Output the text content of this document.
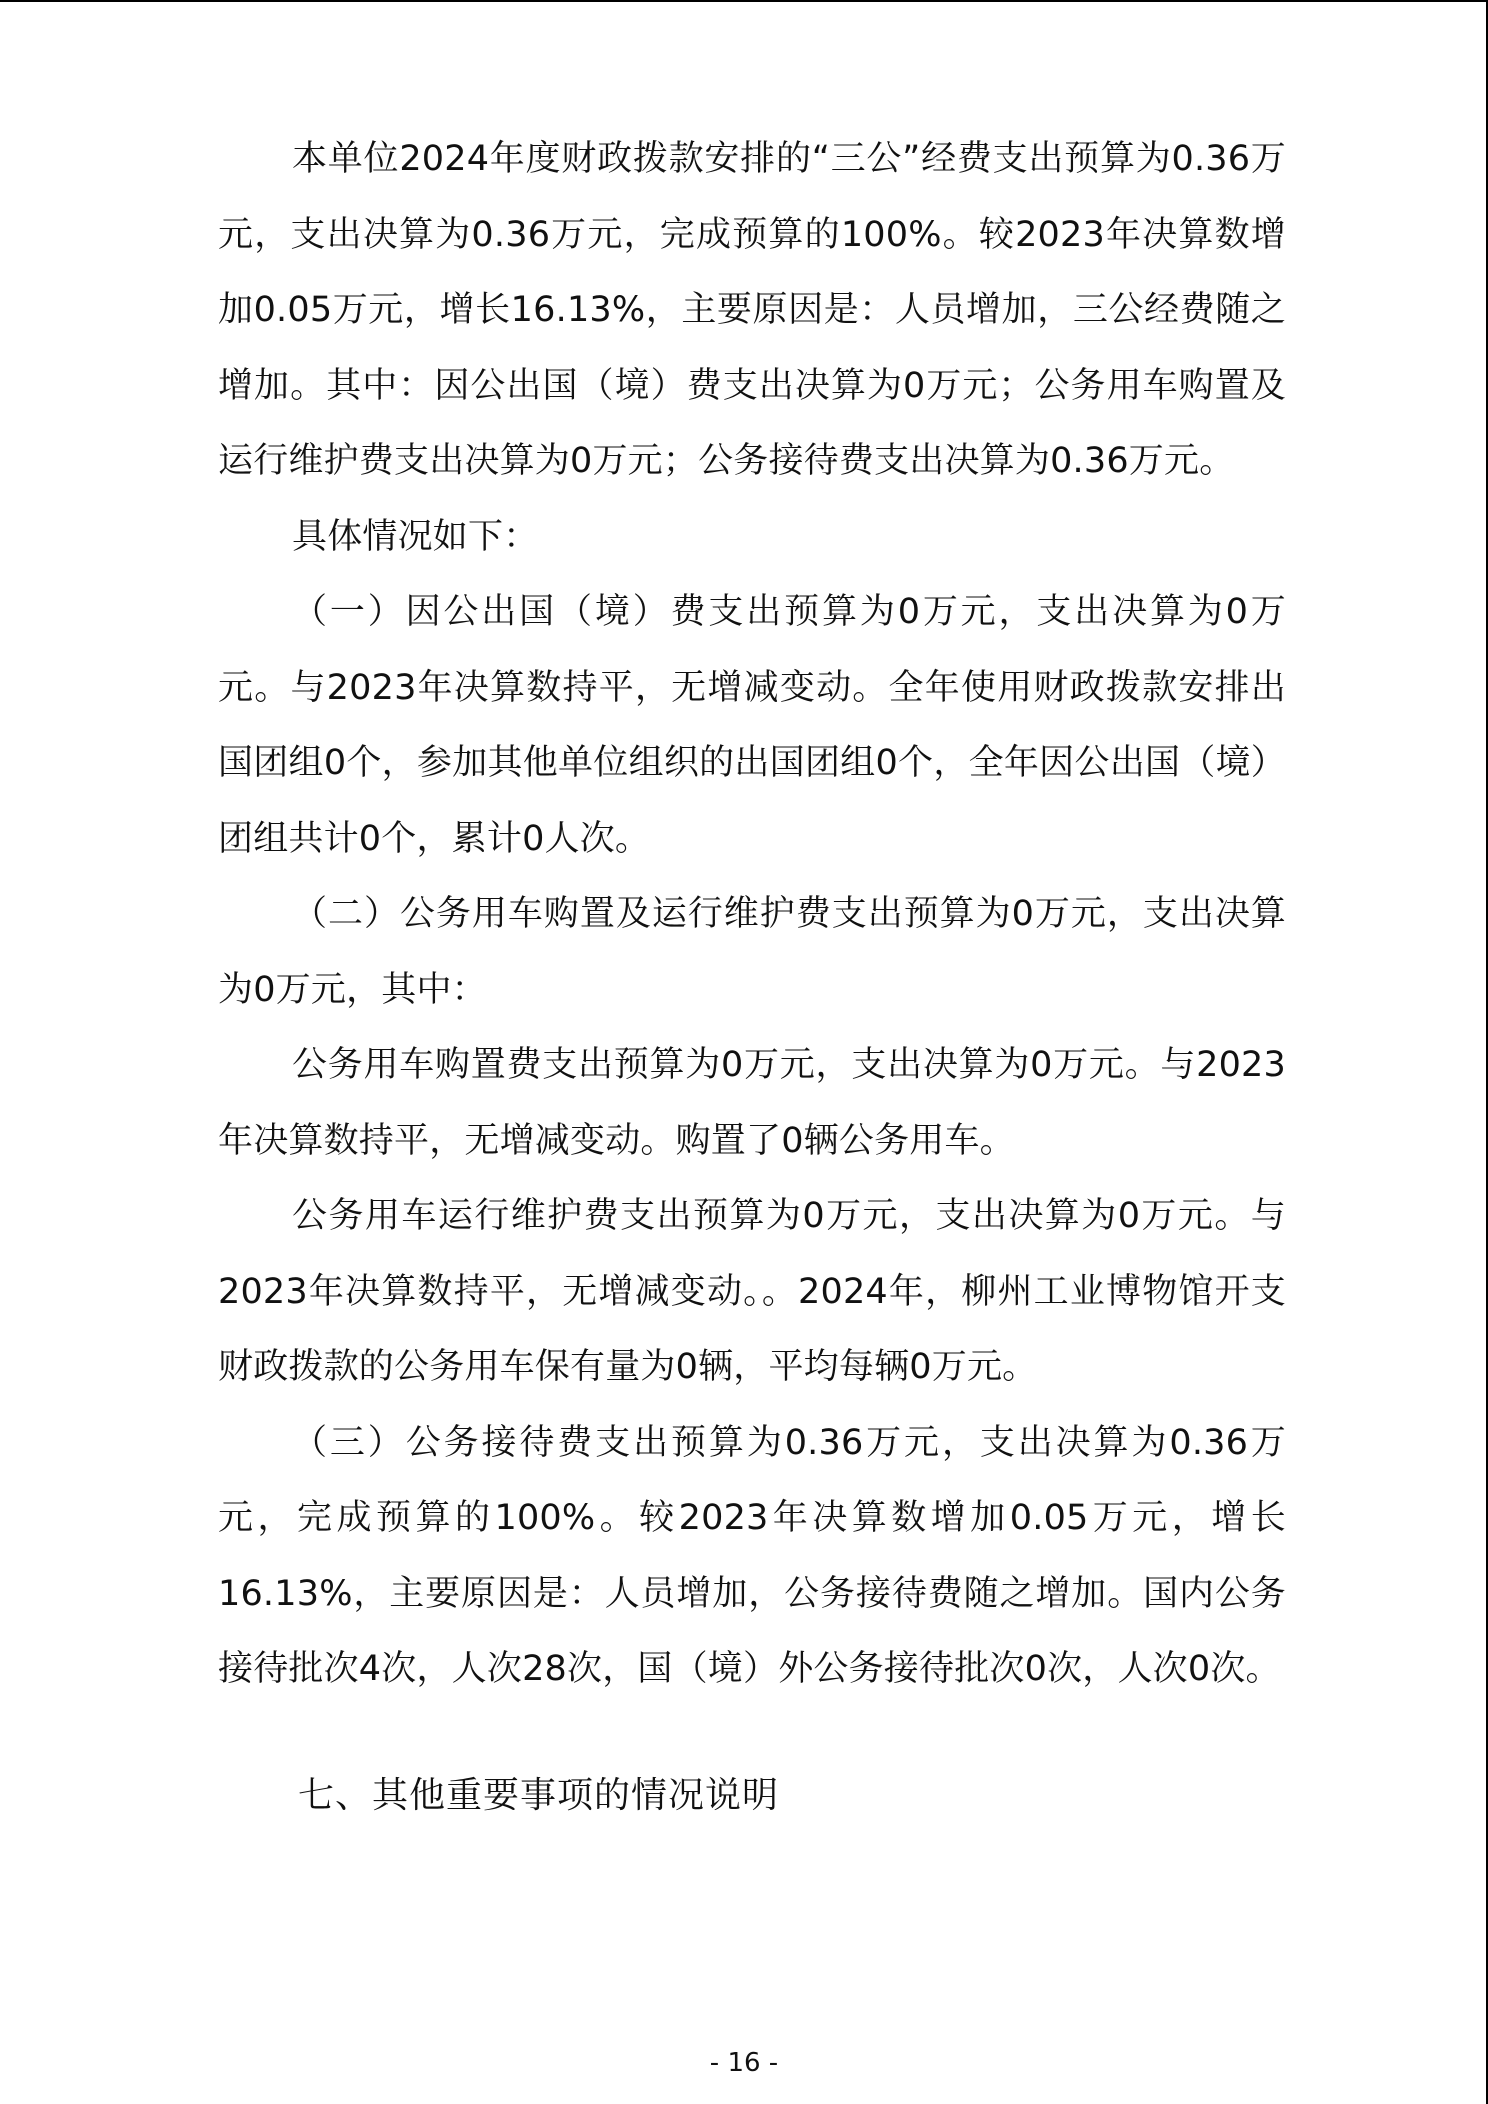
本单位2024年度财政拨款安排的“三公”经费支出预算为0.36万元，支出决算为0.36万元，完成预算的100%。较2023年决算数增加0.05万元，增长16.13%，主要原因是：人员增加，三公经费随之增加。其中：因公出国（境）费支出决算为0万元；公务用车购置及运行维护费支出决算为0万元；公务接待费支出决算为0.36万元。

具体情况如下：

（一）因公出国（境）费支出预算为0万元，支出决算为0万元。与2023年决算数持平，无增减变动。全年使用财政拨款安排出国团组0个，参加其他单位组织的出国团组0个，全年因公出国（境）团组共计0个，累计0人次。

（二）公务用车购置及运行维护费支出预算为0万元，支出决算为0万元，其中：

公务用车购置费支出预算为0万元，支出决算为0万元。与2023年决算数持平，无增减变动。购置了0辆公务用车。

公务用车运行维护费支出预算为0万元，支出决算为0万元。与2023年决算数持平，无增减变动。。2024年，柳州工业博物馆开支财政拨款的公务用车保有量为0辆，平均每辆0万元。

（三）公务接待费支出预算为0.36万元，支出决算为0.36万元，完成预算的100%。较2023年决算数增加0.05万元，增长16.13%，主要原因是：人员增加，公务接待费随之增加。国内公务接待批次4次，人次28次，国（境）外公务接待批次0次，人次0次。

七、其他重要事项的情况说明
- 16 -
